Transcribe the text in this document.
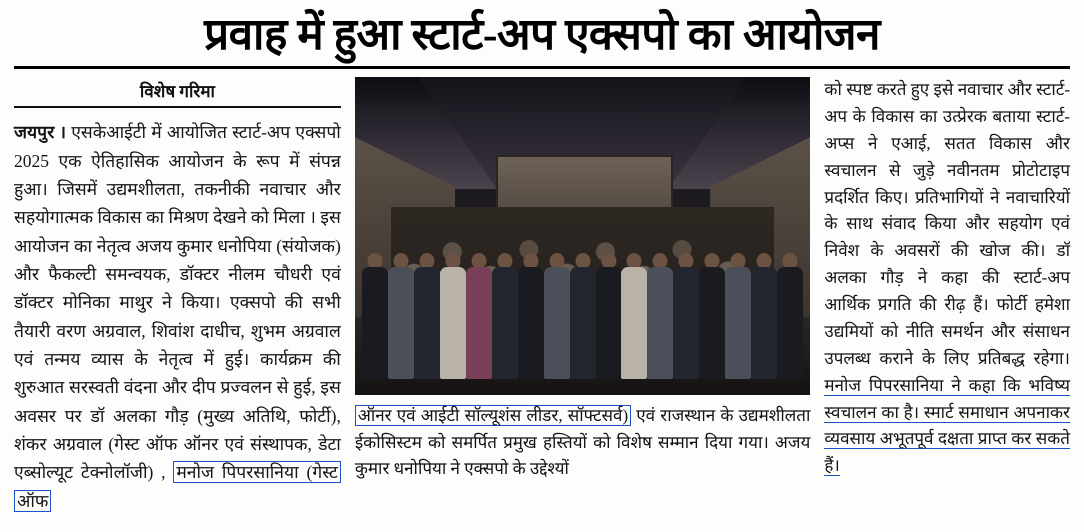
प्रवाह में हुआ स्टार्ट-अप एक्सपो का आयोजन
विशेष गरिमा
जयपुर । एसकेआईटी में आयोजित स्टार्ट-अप एक्सपो 2025 एक ऐतिहासिक आयोजन के रूप में संपन्न हुआ। जिसमें उद्यमशीलता, तकनीकी नवाचार और सहयोगात्मक विकास का मिश्रण देखने को मिला । इस आयोजन का नेतृत्व अजय कुमार धनोपिया (संयोजक) और फैकल्टी समन्वयक, डॉक्टर नीलम चौधरी एवं डॉक्टर मोनिका माथुर ने किया। एक्सपो की सभी तैयारी वरण अग्रवाल, शिवांश दाधीच, शुभम अग्रवाल एवं तन्मय व्यास के नेतृत्व में हुई। कार्यक्रम की शुरुआत सरस्वती वंदना और दीप प्रज्वलन से हुई, इस अवसर पर डॉ अलका गौड़ (मुख्य अतिथि, फोर्टी), शंकर अग्रवाल (गेस्ट ऑफ ऑनर एवं संस्थापक, डेटा एब्सोल्यूट टेक्नोलॉजी) , मनोज पिपरसानिया (गेस्ट ऑफ
ऑनर एवं आईटी सॉल्यूशंस लीडर, सॉफ्टसर्व) एवं राजस्थान के उद्यमशीलता ईकोसिस्टम को समर्पित प्रमुख हस्तियों को विशेष सम्मान दिया गया। अजय कुमार धनोपिया ने एक्सपो के उद्देश्यों
को स्पष्ट करते हुए इसे नवाचार और स्टार्ट-अप के विकास का उत्प्रेरक बताया स्टार्ट-अप्स ने एआई, सतत विकास और स्वचालन से जुड़े नवीनतम प्रोटोटाइप प्रदर्शित किए। प्रतिभागियों ने नवाचारियों के साथ संवाद किया और सहयोग एवं निवेश के अवसरों की खोज की। डॉ अलका गौड़ ने कहा की स्टार्ट-अप आर्थिक प्रगति की रीढ़ हैं। फोर्टी हमेशा उद्यमियों को नीति समर्थन और संसाधन उपलब्ध कराने के लिए प्रतिबद्ध रहेगा। मनोज पिपरसानिया ने कहा कि भविष्य स्वचालन का है। स्मार्ट समाधान अपनाकर व्यवसाय अभूतपूर्व दक्षता प्राप्त कर सकते हैं।
